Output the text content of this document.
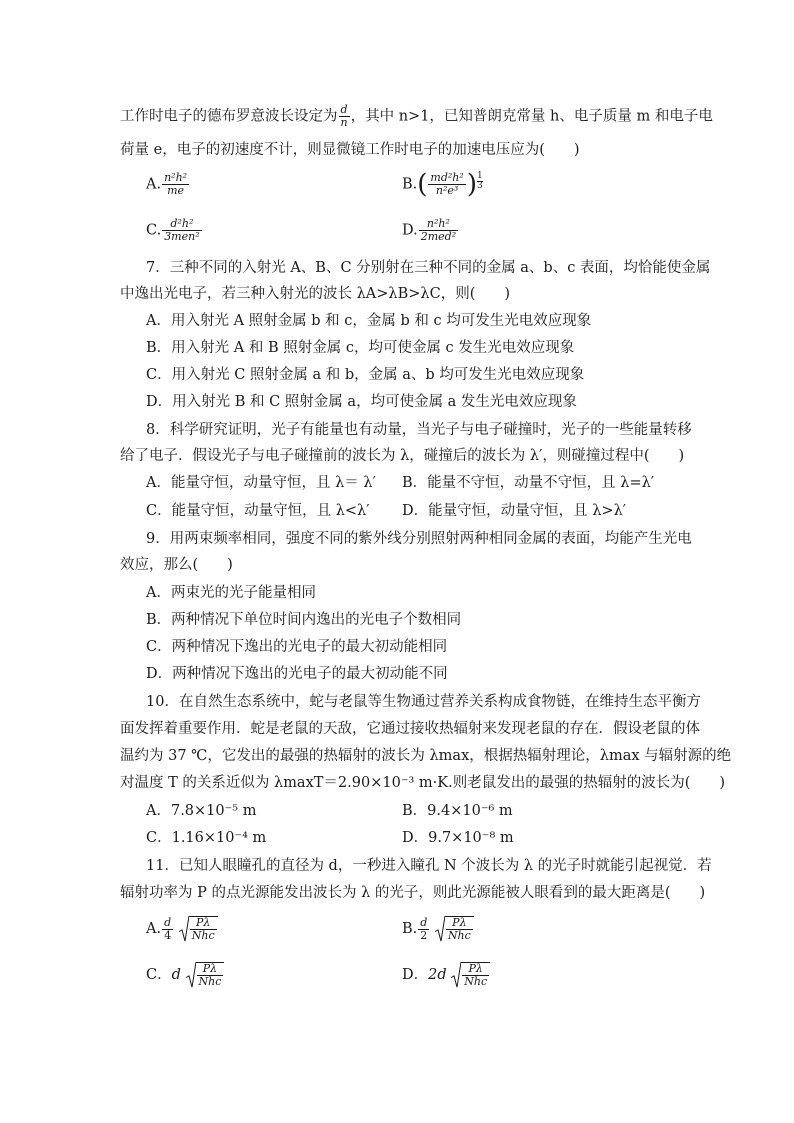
工作时电子的德布罗意波长设定为 $\frac{d}{n}$ ，其中 n>1，已知普朗克常量 h、电子质量 m 和电子电
荷量 e，电子的初速度不计，则显微镜工作时电子的加速电压应为(　　)
A. $\frac{\text{n²h²}}{me}$	$B.( \frac{\text{md²h²}}{\text{n²e³}}$ ) $\frac{1}{3}$
C. $\frac{\text{d²h²}}{\text{3men²}}$	D. $\frac{\text{n²h²}}{\text{2med²}}$
7．三种不同的入射光 A、B、C 分别射在三种不同的金属 a、b、c 表面，均恰能使金属
中逸出光电子，若三种入射光的波长 λA>λB>λC，则(　　)
A．用入射光 A 照射金属 b 和 c，金属 b 和 c 均可发生光电效应现象
B．用入射光 A 和 B 照射金属 c，均可使金属 c 发生光电效应现象
C．用入射光 C 照射金属 a 和 b，金属 a、b 均可发生光电效应现象
D．用入射光 B 和 C 照射金属 a，均可使金属 a 发生光电效应现象
8．科学研究证明，光子有能量也有动量，当光子与电子碰撞时，光子的一些能量转移
给了电子．假设光子与电子碰撞前的波长为 λ，碰撞后的波长为 λ′，则碰撞过程中(　　)
A．能量守恒，动量守恒，且 λ＝ λ′ B．能量不守恒，动量不守恒，且 λ=λ′
C．能量守恒，动量守恒，且 λ<λ′ D．能量守恒，动量守恒，且 λ>λ′
9．用两束频率相同，强度不同的紫外线分别照射两种相同金属的表面，均能产生光电
效应，那么(　　)
A．两束光的光子能量相同
B．两种情况下单位时间内逸出的光电子个数相同
C．两种情况下逸出的光电子的最大初动能相同
D．两种情况下逸出的光电子的最大初动能不同
10．在自然生态系统中，蛇与老鼠等生物通过营养关系构成食物链，在维持生态平衡方
面发挥着重要作用．蛇是老鼠的天敌，它通过接收热辐射来发现老鼠的存在．假设老鼠的体
温约为 37 ℃，它发出的最强的热辐射的波长为 λmax，根据热辐射理论，λmax 与辐射源的绝
对温度 T 的关系近似为 λmaxT＝2.90×10⁻³ m·K.则老鼠发出的最强的热辐射的波长为(　　)
A．7.8×10⁻⁵ m	B．9.4×10⁻⁶ m
C．1.16×10⁻⁴ m	D．9.7×10⁻⁸ m
11．已知人眼瞳孔的直径为 d，一秒进入瞳孔 N 个波长为 λ 的光子时就能引起视觉．若
辐射功率为 P 的点光源能发出波长为 λ 的光子，则此光源能被人眼看到的最大距离是(　　)
A. $\frac{d}{4}$
$\frac{P\lambda}{\text{Nhc}}$	B. $\frac{d}{2}$
$\frac{P\lambda}{\text{Nhc}}$
C．d $\frac{P\lambda}{\text{Nhc}}$	D．$2d \frac{P\lambda}{\text{Nhc}}$
